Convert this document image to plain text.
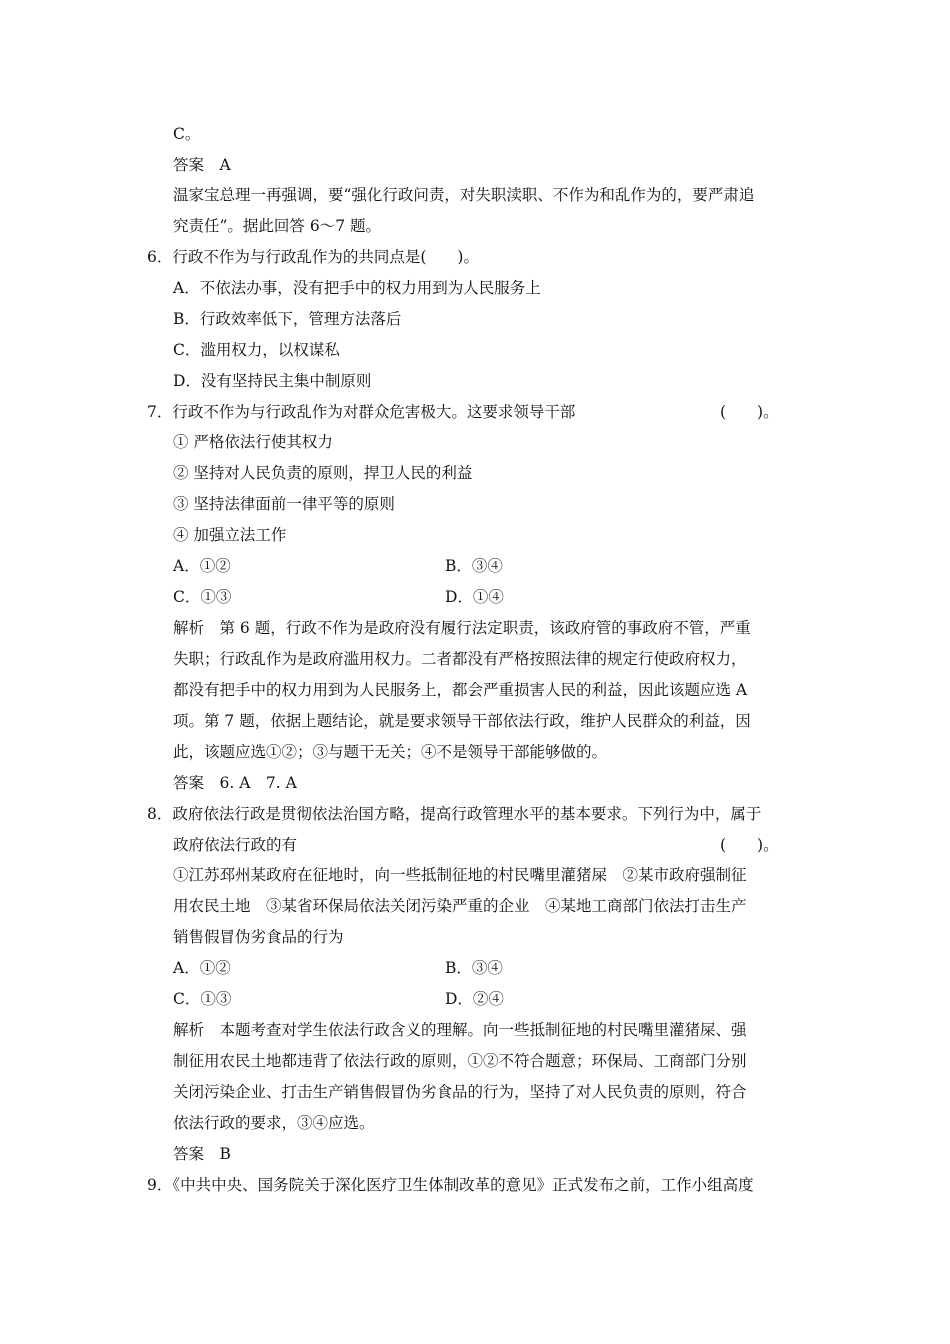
C。
答案　A
温家宝总理一再强调，要“强化行政问责，对失职渎职、不作为和乱作为的，要严肃追
究责任”。据此回答 6～7 题。
6．行政不作为与行政乱作为的共同点是(　　)。
A．不依法办事，没有把手中的权力用到为人民服务上
B．行政效率低下，管理方法落后
C．滥用权力，以权谋私
D．没有坚持民主集中制原则
7．行政不作为与行政乱作为对群众危害极大。这要求领导干部	(　　)。
① 严格依法行使其权力
② 坚持对人民负责的原则，捍卫人民的利益
③ 坚持法律面前一律平等的原则
④ 加强立法工作
A．①②	B．③④
C．①③	D．①④
解析　第 6 题，行政不作为是政府没有履行法定职责，该政府管的事政府不管，严重
失职；行政乱作为是政府滥用权力。二者都没有严格按照法律的规定行使政府权力，
都没有把手中的权力用到为人民服务上，都会严重损害人民的利益，因此该题应选 A
项。第 7 题，依据上题结论，就是要求领导干部依法行政，维护人民群众的利益，因
此，该题应选①②；③与题干无关；④不是领导干部能够做的。
答案　6. A　7. A
8．政府依法行政是贯彻依法治国方略，提高行政管理水平的基本要求。下列行为中，属于
政府依法行政的有	(　　)。
①江苏邳州某政府在征地时，向一些抵制征地的村民嘴里灌猪屎　②某市政府强制征
用农民土地　③某省环保局依法关闭污染严重的企业　④某地工商部门依法打击生产
销售假冒伪劣食品的行为
A．①②	B．③④
C．①③	D．②④
解析　本题考查对学生依法行政含义的理解。向一些抵制征地的村民嘴里灌猪屎、强
制征用农民土地都违背了依法行政的原则，①②不符合题意；环保局、工商部门分别
关闭污染企业、打击生产销售假冒伪劣食品的行为，坚持了对人民负责的原则，符合
依法行政的要求，③④应选。
答案　B
9．《中共中央、国务院关于深化医疗卫生体制改革的意见》正式发布之前，工作小组高度
